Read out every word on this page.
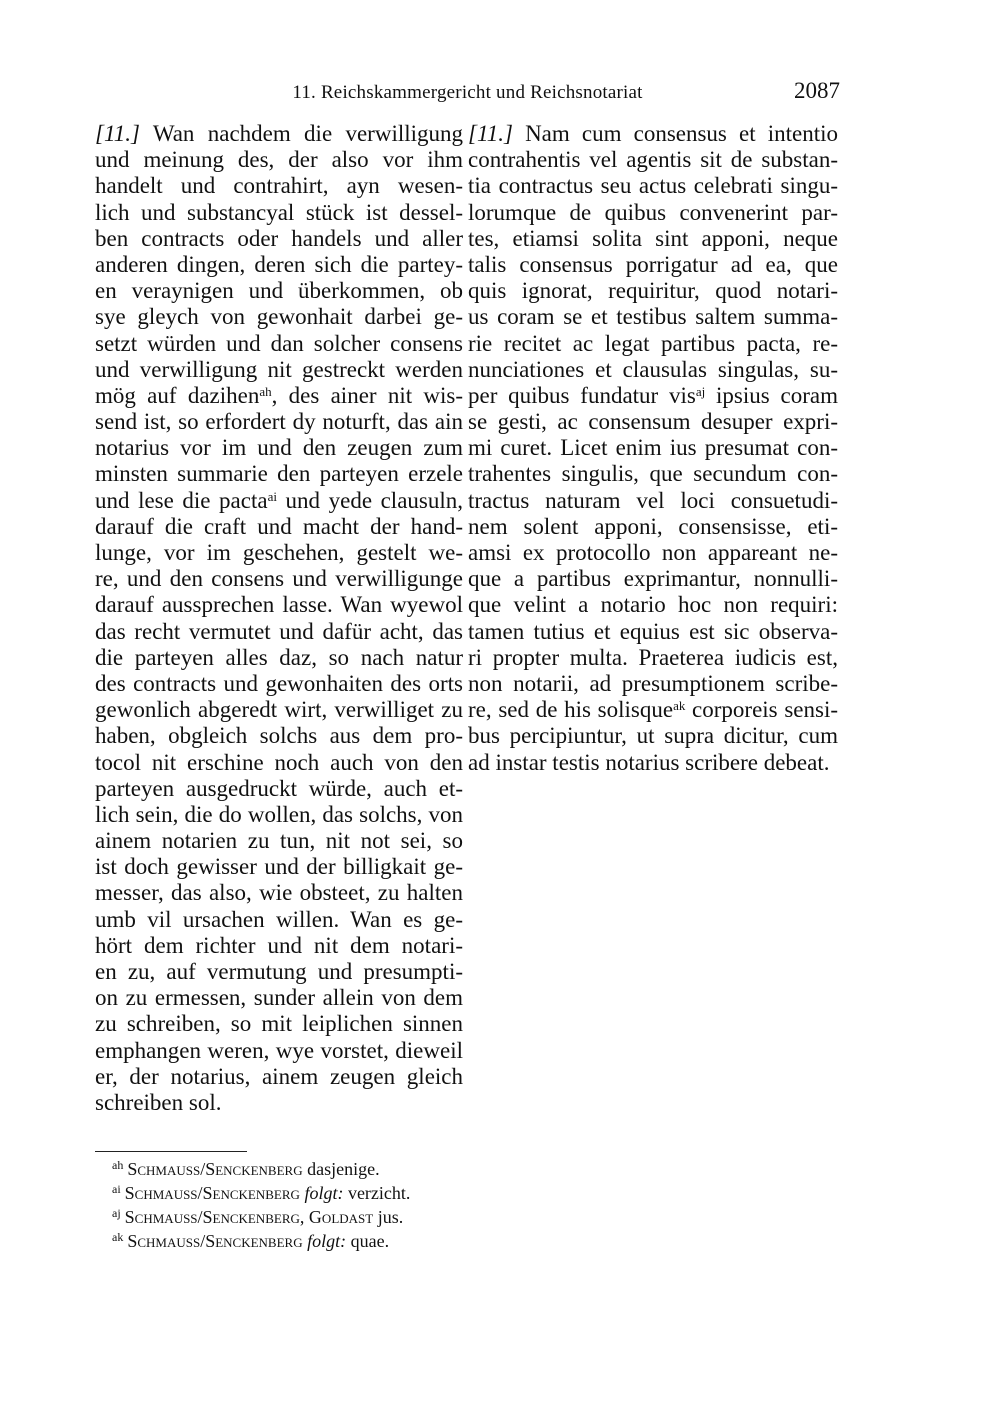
11. Reichskammergericht und Reichsnotariat	2087
[11.] Wan nachdem die verwilligung
und meinung des, der also vor ihm
handelt und contrahirt, ayn wesen-
lich und substancyal stück ist dessel-
ben contracts oder handels und aller
anderen dingen, deren sich die partey-
en veraynigen und überkommen, ob
sye gleych von gewonhait darbei ge-
setzt würden und dan solcher consens
und verwilligung nit gestreckt werden
mög auf dazihen$^{ah}$, des ainer nit wis-
send ist, so erfordert dy noturft, das ain
notarius vor im und den zeugen zum
minsten summarie den parteyen erzele
und lese die pacta$^{ai}$ und yede clausuln,
darauf die craft und macht der hand-
lunge, vor im geschehen, gestelt we-
re, und den consens und verwilligunge
darauf aussprechen lasse. Wan wyewol
das recht vermutet und dafür acht, das
die parteyen alles daz, so nach natur
des contracts und gewonhaiten des orts
gewonlich abgeredt wirt, verwilliget zu
haben, obgleich solchs aus dem pro-
tocol nit erschine noch auch von den
parteyen ausgedruckt würde, auch et-
lich sein, die do wollen, das solchs, von
ainem notarien zu tun, nit not sei, so
ist doch gewisser und der billigkait ge-
messer, das also, wie obsteet, zu halten
umb vil ursachen willen. Wan es ge-
hört dem richter und nit dem notari-
en zu, auf vermutung und presumpti-
on zu ermessen, sunder allein von dem
zu schreiben, so mit leiplichen sinnen
emphangen weren, wye vorstet, dieweil
er, der notarius, ainem zeugen gleich
schreiben sol.
[11.] Nam cum consensus et intentio
contrahentis vel agentis sit de substan-
tia contractus seu actus celebrati singu-
lorumque de quibus convenerint par-
tes, etiamsi solita sint apponi, neque
talis consensus porrigatur ad ea, que
quis ignorat, requiritur, quod notari-
us coram se et testibus saltem summa-
rie recitet ac legat partibus pacta, re-
nunciationes et clausulas singulas, su-
per quibus fundatur vis$^{aj}$ ipsius coram
se gesti, ac consensum desuper expri-
mi curet. Licet enim ius presumat con-
trahentes singulis, que secundum con-
tractus naturam vel loci consuetudi-
nem solent apponi, consensisse, eti-
amsi ex protocollo non appareant ne-
que a partibus exprimantur, nonnulli-
que velint a notario hoc non requiri:
tamen tutius et equius est sic observa-
ri propter multa. Praeterea iudicis est,
non notarii, ad presumptionem scribe-
re, sed de his solisque$^{ak}$ corporeis sensi-
bus percipiuntur, ut supra dicitur, cum
ad instar testis notarius scribere debeat.
$^{ah}$ Schmauss/Senckenberg dasjenige.
$^{ai}$ Schmauss/Senckenberg folgt: verzicht.
$^{aj}$ Schmauss/Senckenberg, Goldast jus.
$^{ak}$ Schmauss/Senckenberg folgt: quae.
